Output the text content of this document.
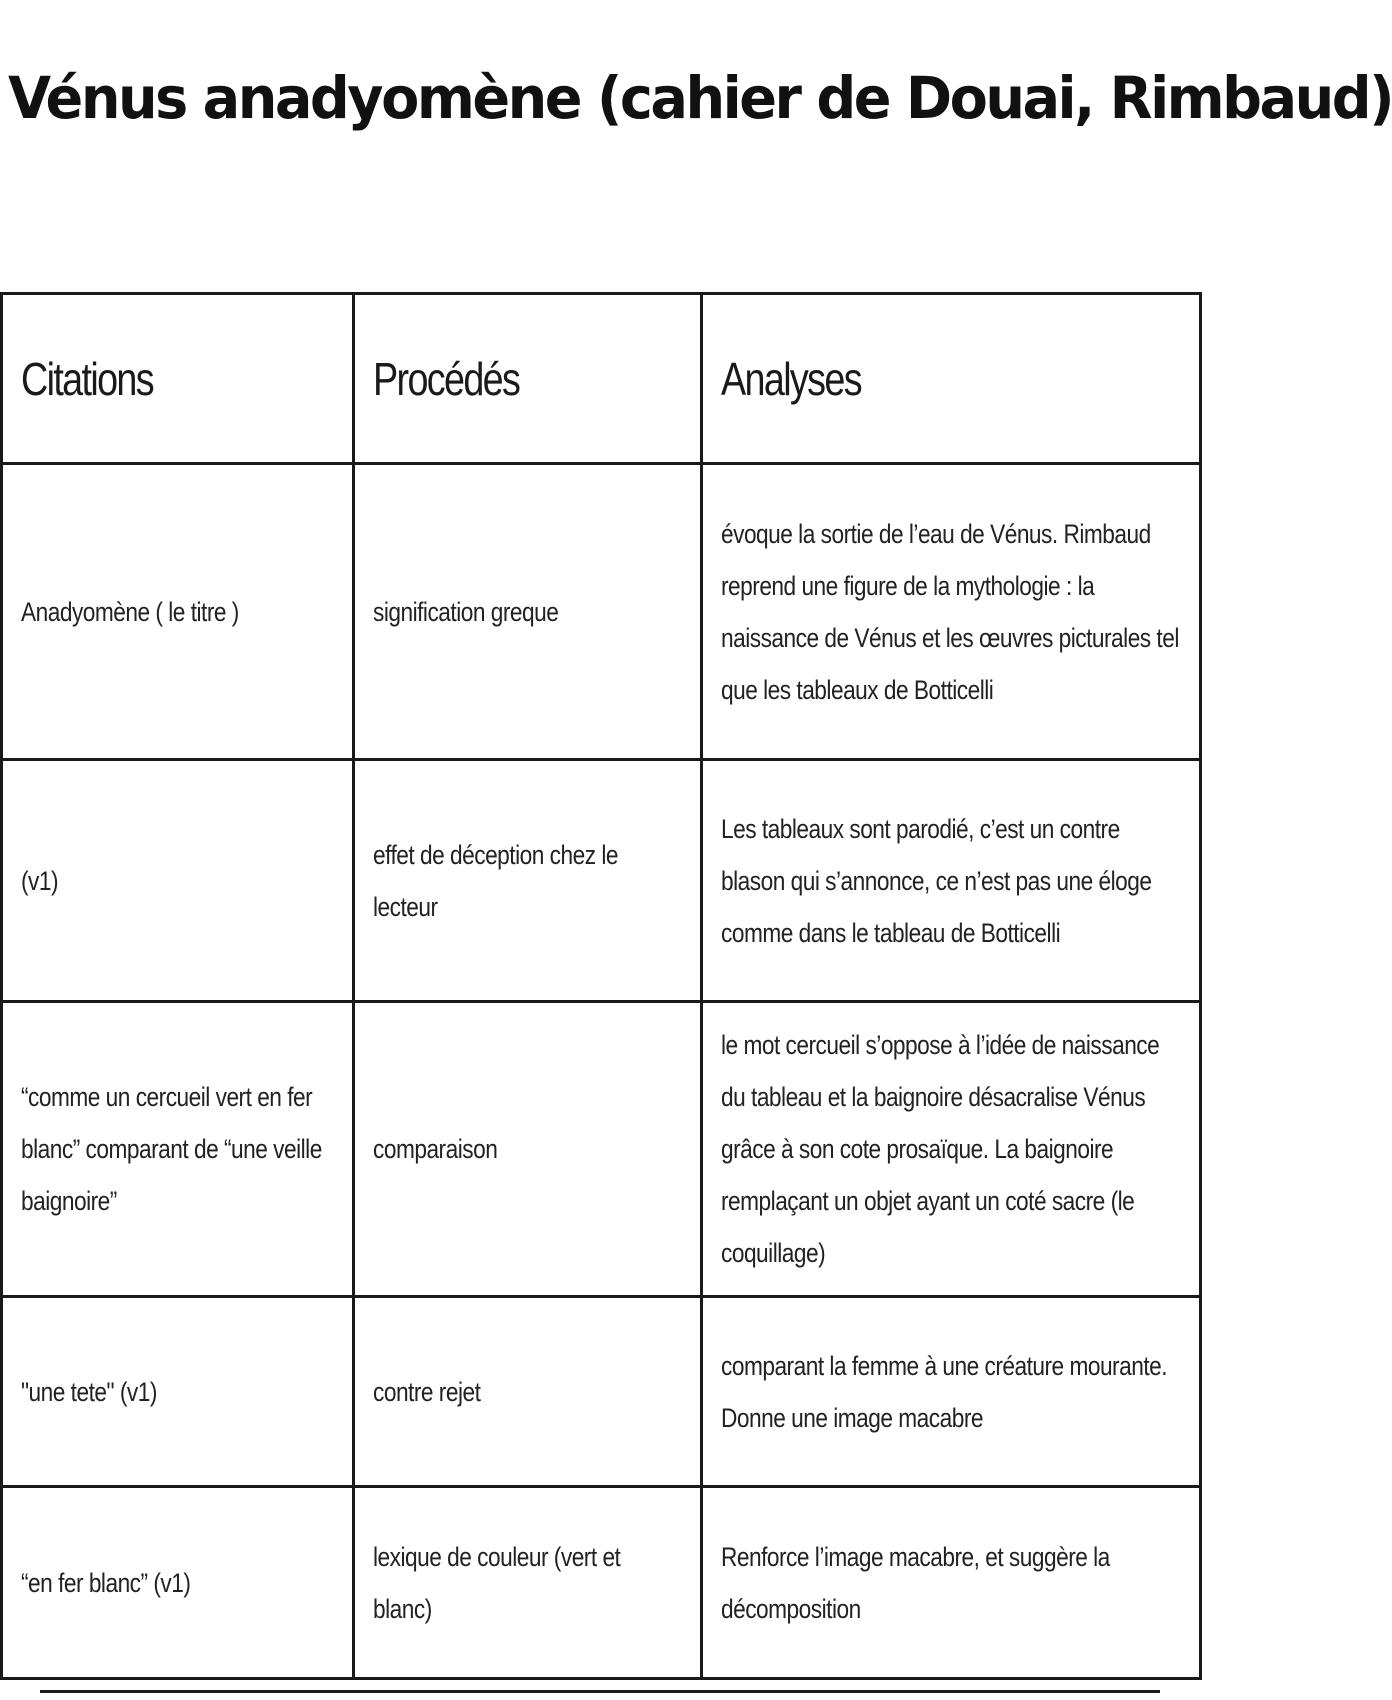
Vénus anadyomène (cahier de Douai, Rimbaud)
Citations	Procédés	Analyses
Anadyomène ( le titre )	signification greque	évoque la sortie de l’eau de Vénus. Rimbaud reprend une figure de la mythologie : la naissance de Vénus et les œuvres picturales tel que les tableaux de Botticelli
(v1)	effet de déception chez le lecteur	Les tableaux sont parodié, c’est un contre blason qui s’annonce, ce n’est pas une éloge comme dans le tableau de Botticelli
“comme un cercueil vert en fer blanc” comparant de “une veille baignoire”	comparaison	le mot cercueil s’oppose à l’idée de naissance du tableau et la baignoire désacralise Vénus grâce à son cote prosaïque. La baignoire remplaçant un objet ayant un coté sacre (le coquillage)
"une tete" (v1)	contre rejet	comparant la femme à une créature mourante. Donne une image macabre
“en fer blanc” (v1)	lexique de couleur (vert et blanc)	Renforce l’image macabre, et suggère la décomposition
